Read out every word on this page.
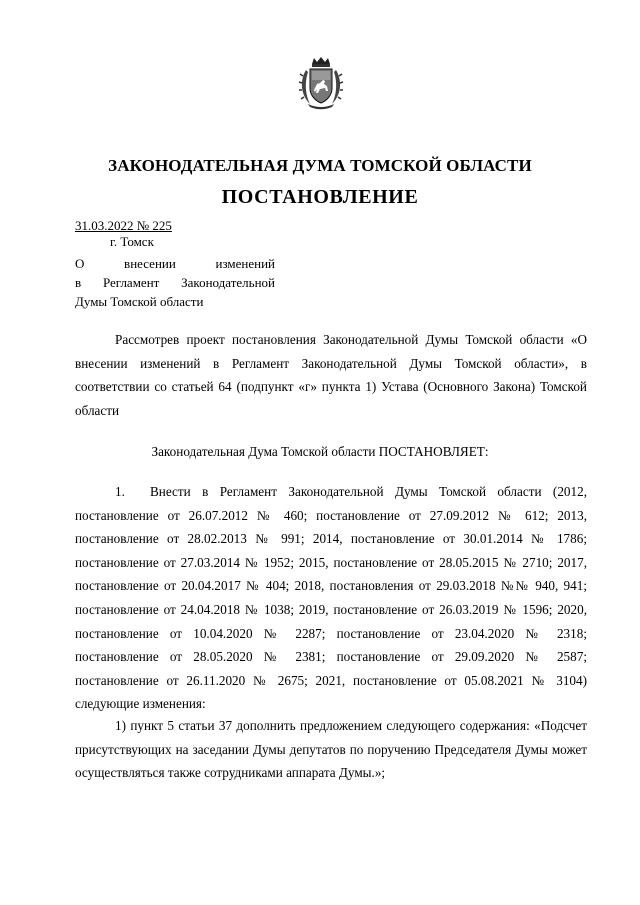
ЗАКОНОДАТЕЛЬНАЯ ДУМА ТОМСКОЙ ОБЛАСТИ
ПОСТАНОВЛЕНИЕ
31.03.2022 № 225
г. Томск
О внесении изменений
в Регламент Законодательной
Думы Томской области
Рассмотрев проект постановления Законодательной Думы Томской области «О внесении изменений в Регламент Законодательной Думы Томской области», в соответствии со статьей 64 (подпункт «г» пункта 1) Устава (Основного Закона) Томской области
Законодательная Дума Томской области ПОСТАНОВЛЯЕТ:
1. Внести в Регламент Законодательной Думы Томской области (2012, постановление от 26.07.2012 № 460; постановление от 27.09.2012 № 612; 2013, постановление от 28.02.2013 № 991; 2014, постановление от 30.01.2014 № 1786; постановление от 27.03.2014 № 1952; 2015, постановление от 28.05.2015 № 2710; 2017, постановление от 20.04.2017 № 404; 2018, постановления от 29.03.2018 №№ 940, 941; постановление от 24.04.2018 № 1038; 2019, постановление от 26.03.2019 № 1596; 2020, постановление от 10.04.2020 № 2287; постановление от 23.04.2020 № 2318; постановление от 28.05.2020 № 2381; постановление от 29.09.2020 № 2587; постановление от 26.11.2020 № 2675; 2021, постановление от 05.08.2021 № 3104) следующие изменения:
1) пункт 5 статьи 37 дополнить предложением следующего содержания: «Подсчет присутствующих на заседании Думы депутатов по поручению Председателя Думы может осуществляться также сотрудниками аппарата Думы.»;
